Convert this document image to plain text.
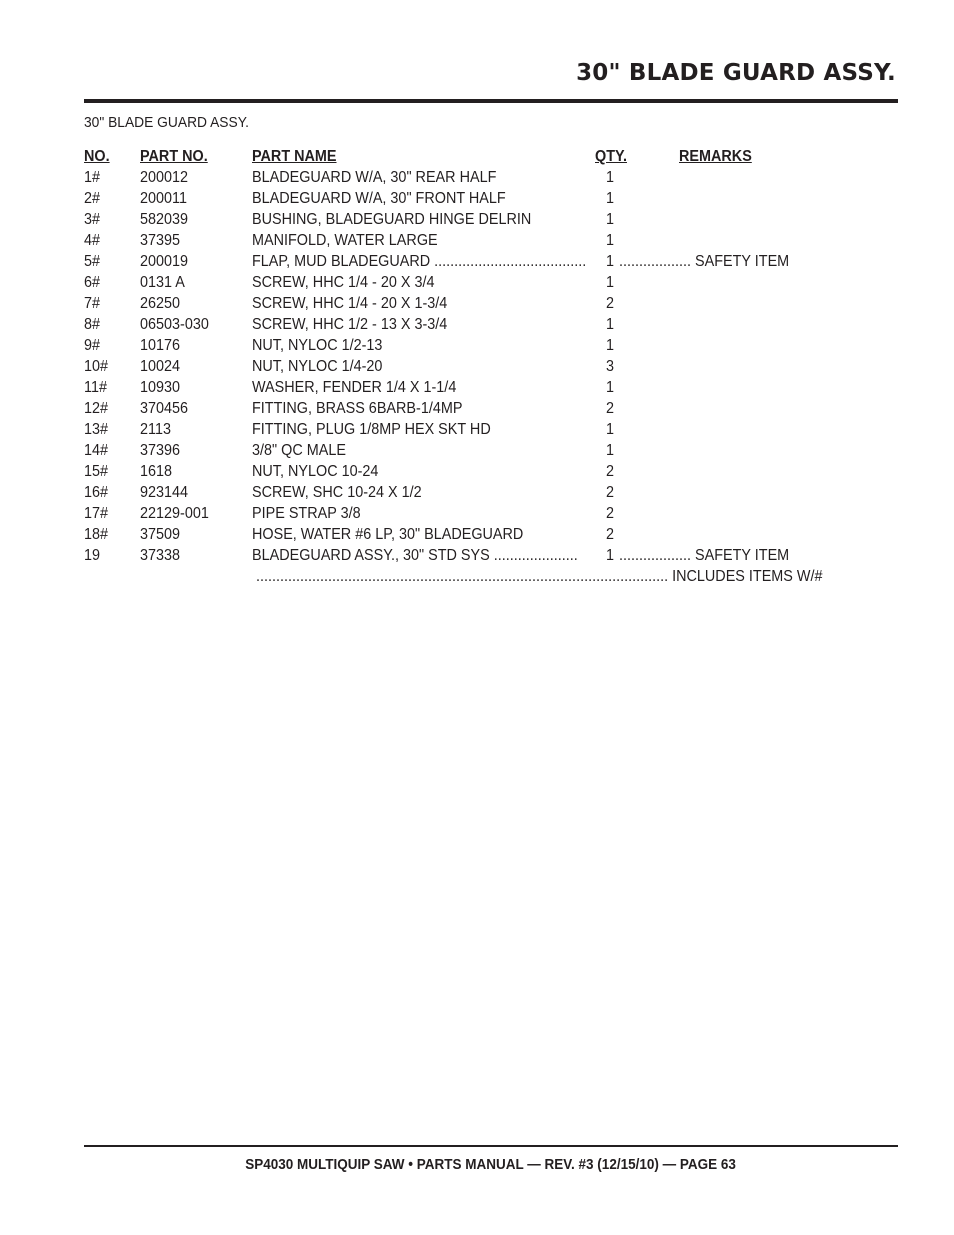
30" BLADE GUARD ASSY.
30" BLADE GUARD ASSY.
NO. PART NO.	PART NAME	QTY.	REMARKS
1# 200012	BLADEGUARD W/A, 30" REAR HALF	1
2# 200011	BLADEGUARD W/A, 30" FRONT HALF	1
3# 582039	BUSHING, BLADEGUARD HINGE DELRIN	1
4# 37395	MANIFOLD, WATER LARGE	1
5# 200019	FLAP, MUD BLADEGUARD ...................................... 1 .................. SAFETY ITEM
6# 0131 A	SCREW, HHC 1/4 - 20 X 3/4	1
7# 26250	SCREW, HHC 1/4 - 20 X 1-3/4	2
8# 06503-030	SCREW, HHC 1/2 - 13 X 3-3/4	1
9# 10176	NUT, NYLOC 1/2-13	1
10# 10024	NUT, NYLOC 1/4-20	3
11# 10930	WASHER, FENDER 1/4 X 1-1/4	1
12# 370456	FITTING, BRASS 6BARB-1/4MP	2
13# 2113	FITTING, PLUG 1/8MP HEX SKT HD	1
14# 37396	3/8" QC MALE	1
15# 1618	NUT, NYLOC 10-24	2
16# 923144	SCREW, SHC 10-24 X 1/2	2
17# 22129-001	PIPE STRAP 3/8	2
18# 37509	HOSE, WATER #6 LP, 30" BLADEGUARD	2
19 37338	BLADEGUARD ASSY., 30" STD SYS ..................... 1 .................. SAFETY ITEM
....................................................................................................... INCLUDES ITEMS W/#
SP4030 MULTIQUIP SAW • PARTS MANUAL — REV. #3 (12/15/10) — PAGE 63
